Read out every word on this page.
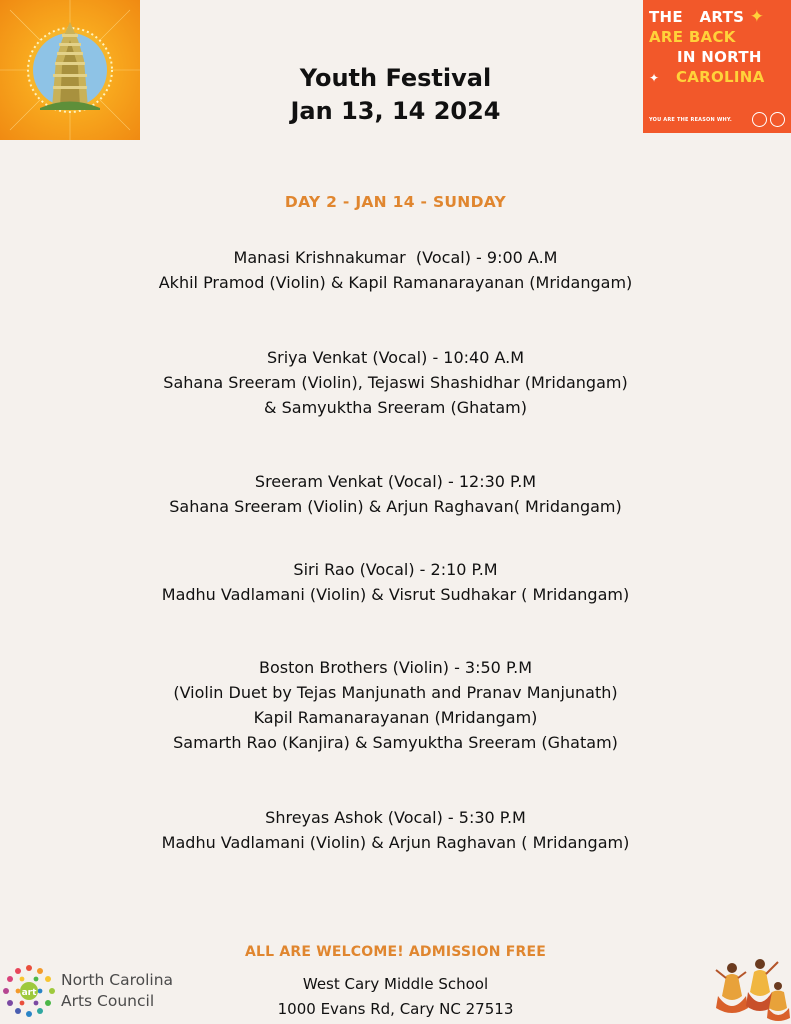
THE ARTS ✦
ARE BACK
IN NORTH
✦ CAROLINA
YOU ARE THE REASON WHY.
Youth Festival
Jan 13, 14 2024
DAY 2 - JAN 14 - SUNDAY
Manasi Krishnakumar  (Vocal) - 9:00 A.M
Akhil Pramod (Violin) & Kapil Ramanarayanan (Mridangam)
Sriya Venkat (Vocal) - 10:40 A.M
Sahana Sreeram (Violin), Tejaswi Shashidhar (Mridangam)
& Samyuktha Sreeram (Ghatam)
Sreeram Venkat (Vocal) - 12:30 P.M
Sahana Sreeram (Violin) & Arjun Raghavan( Mridangam)
Siri Rao (Vocal) - 2:10 P.M
Madhu Vadlamani (Violin) & Visrut Sudhakar ( Mridangam)
Boston Brothers (Violin) - 3:50 P.M
(Violin Duet by Tejas Manjunath and Pranav Manjunath)
Kapil Ramanarayanan (Mridangam)
Samarth Rao (Kanjira) & Samyuktha Sreeram (Ghatam)
Shreyas Ashok (Vocal) - 5:30 P.M
Madhu Vadlamani (Violin) & Arjun Raghavan ( Mridangam)
ALL ARE WELCOME! ADMISSION FREE
West Cary Middle School
1000 Evans Rd, Cary NC 27513
art
North Carolina
Arts Council
